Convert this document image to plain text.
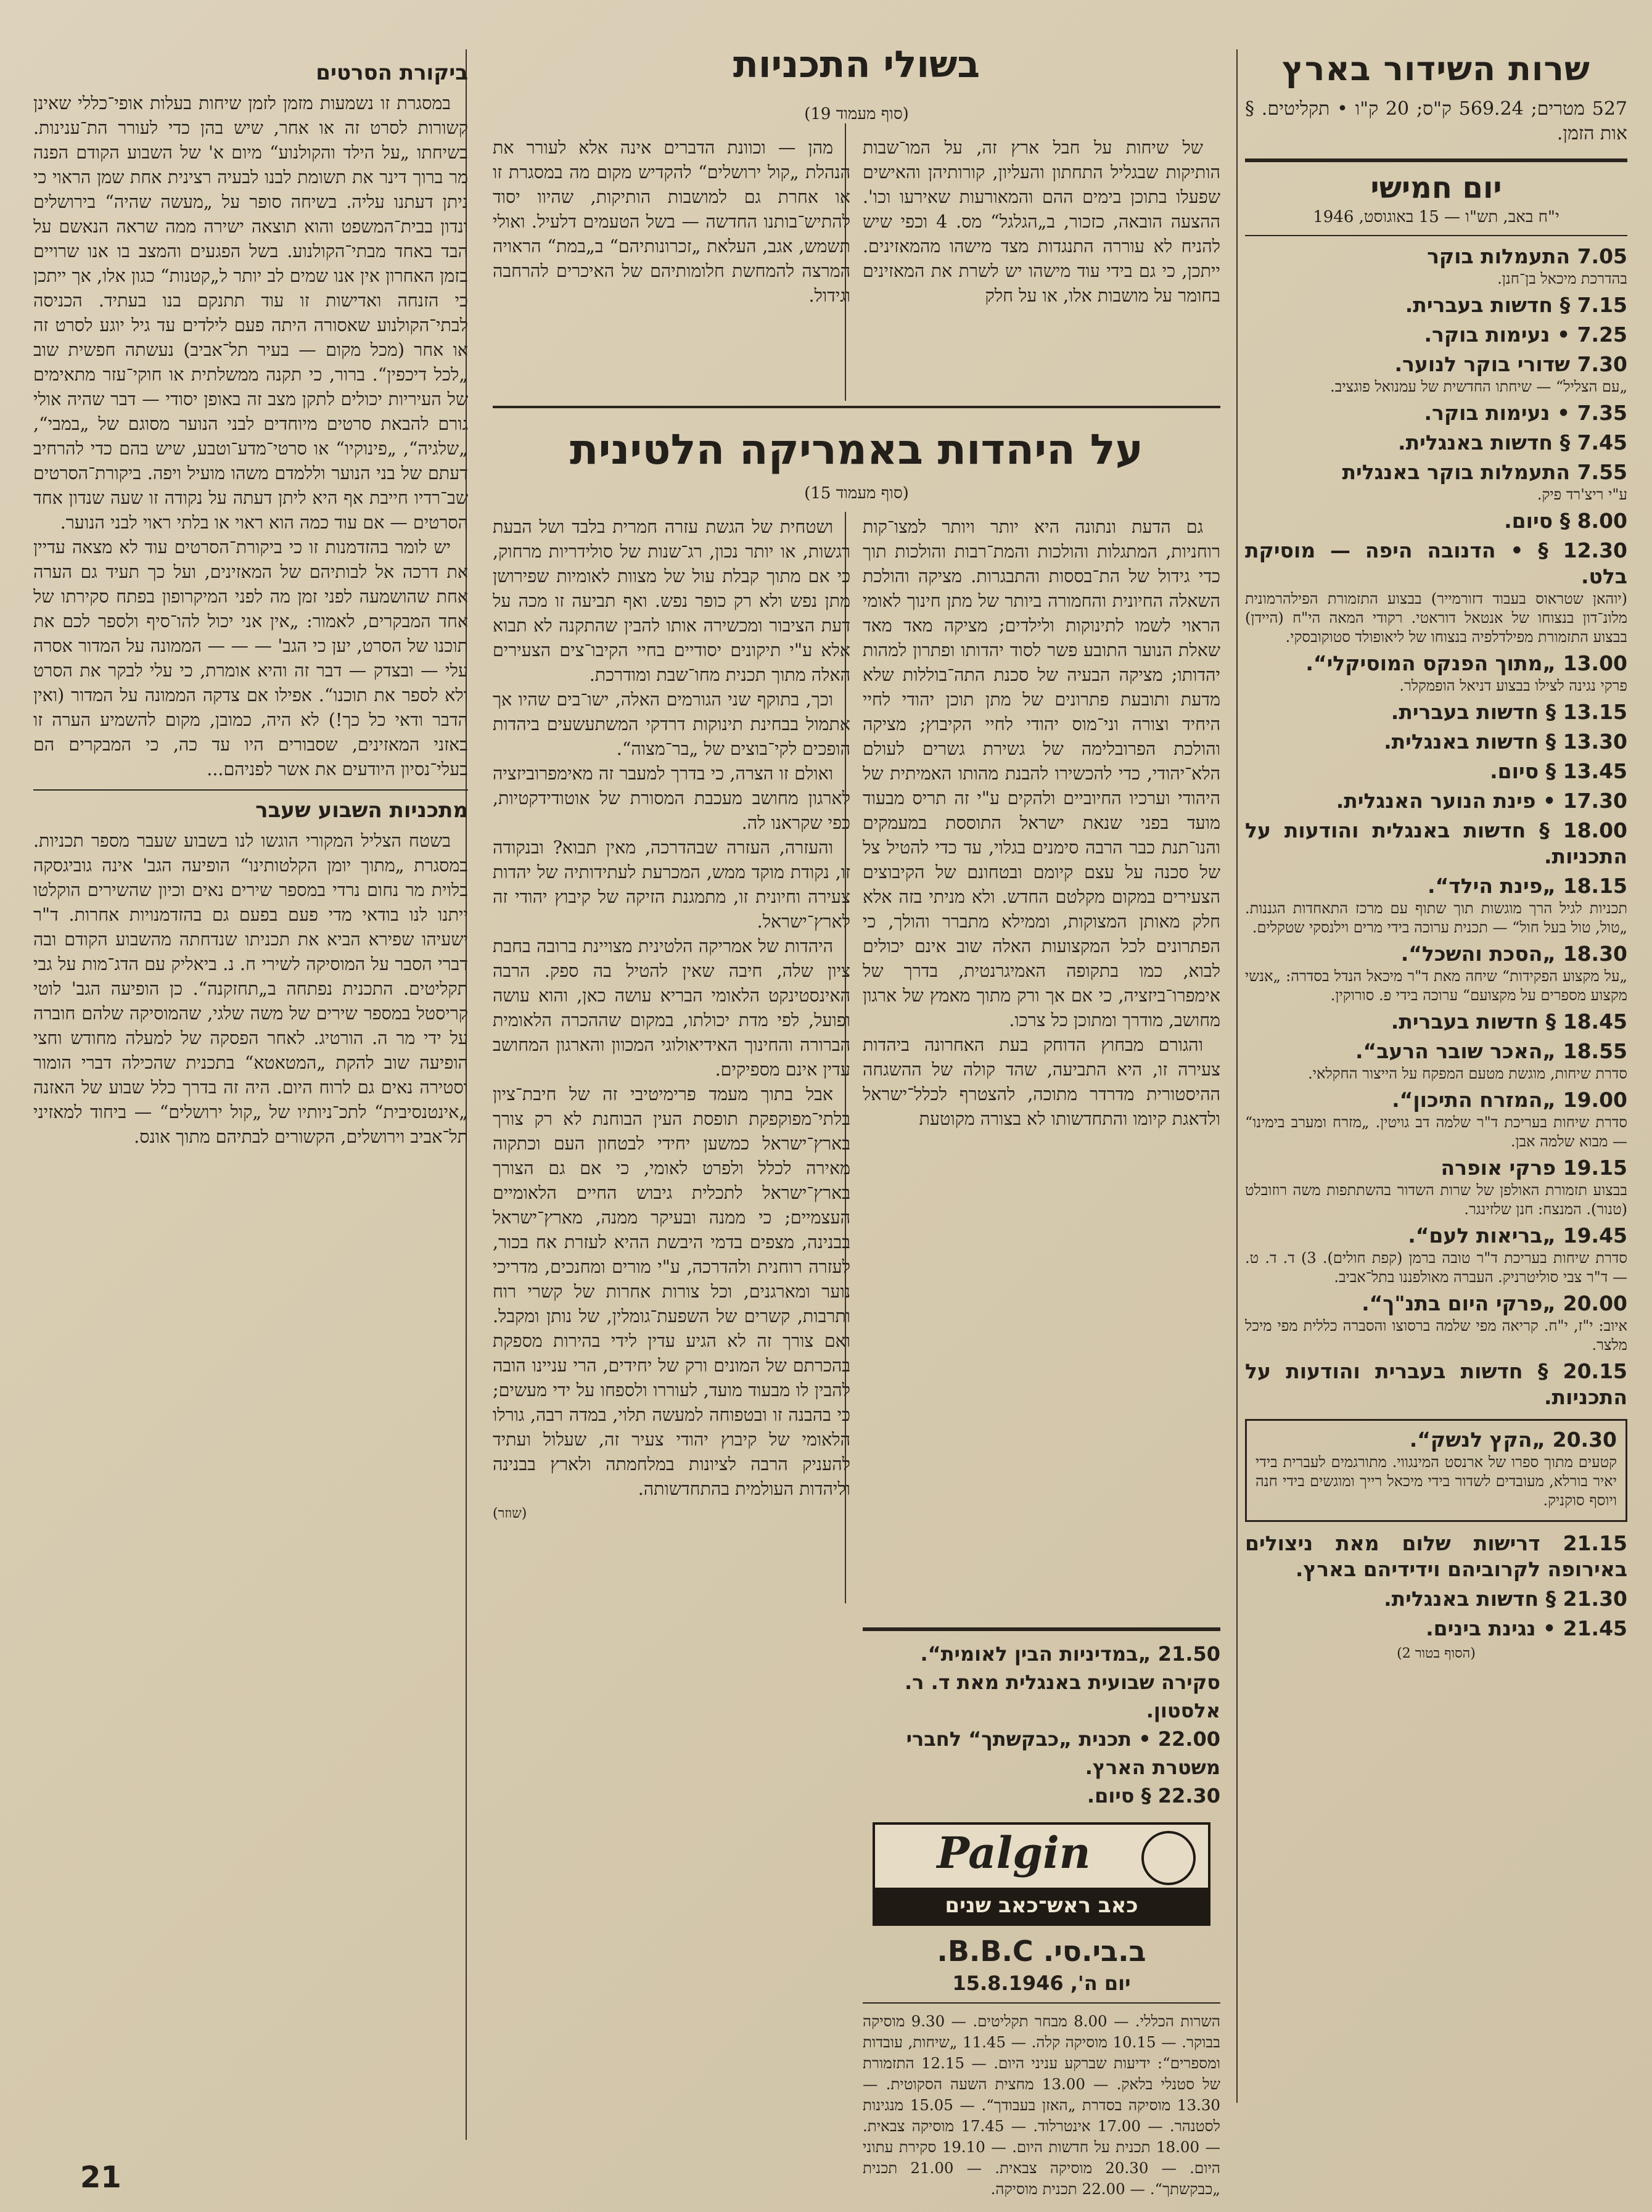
שרות השידור בארץ
527 מטרים; 569.24 ק"ס; 20 ק"ו • תקליטים. § אות הזמן.
יום חמישי
י"ח באב, תש"ו — 15 באוגוסט, 1946
7.05 התעמלות בוקר
בהדרכת מיכאל בן־חנן.
7.15 § חדשות בעברית.
7.25 • נעימות בוקר.
7.30 שדורי בוקר לנוער.
„עם הצליל“ — שיחתו החדשית של עמנואל פוגציב.
7.35 • נעימות בוקר.
7.45 § חדשות באנגלית.
7.55 התעמלות בוקר באנגלית
ע"י ריצ'רד פיק.
8.00 § סיום.
12.30 § • הדנובה היפה — מוסיקת בלט.
(יוהאן שטראוס בעבוד דזורמייר) בבצוע התזמורת הפילהרמונית מלונ־דון בנצוחו של אנטאל דוראטי. רקודי המאה הי"ח (היידן) בבצוע התזמורת מפילדלפיה בנצוחו של ליאופולד סטוקובסקי.
13.00 „מתוך הפנקס המוסיקלי“.
פרקי נגינה לצילו בבצוע דניאל הופמקלר.
13.15 § חדשות בעברית.
13.30 § חדשות באנגלית.
13.45 § סיום.
17.30 • פינת הנוער האנגלית.
18.00 § חדשות באנגלית והודעות על התכניות.
18.15 „פינת הילד“.
תכניות לגיל הרך מוגשות תוך שתוף עם מרכז התאחדות הגננות. „טול, טול בעל חול“ — תכנית ערוכה בידי מרים וילנסקי שטקלים.
18.30 „הסכת והשכל“.
„על מקצוע הפקידות“ שיחה מאת ד"ר מיכאל הנדל בסדרה: „אנשי מקצוע מספרים על מקצועם“ ערוכה בידי פ. סורוקין.
18.45 § חדשות בעברית.
18.55 „האכר שובר הרעב“.
סדרת שיחות, מוגשת מטעם המפקח על הייצור החקלאי.
19.00 „המזרח התיכון“.
סדרת שיחות בעריכת ד"ר שלמה דב גויטין. „מזרח ומערב בימינו“ — מבוא שלמה אבן.
19.15 פרקי אופרה
בבצוע תזמורת האולפן של שרות השדור בהשתתפות משה רוזובלט (טנור). המנצח: חנן שלזינגר.
19.45 „בריאות לעם“.
סדרת שיחות בעריכת ד"ר טובה ברמן (קפת חולים). 3) ד. ד. ט. — ד"ר צבי סוליטרניק. העברה מאולפננו בתל־אביב.
20.00 „פרקי היום בתנ"ך“.
איוב: י"ז, י"ח. קריאה מפי שלמה ברסוצו והסברה כללית מפי מיכל מלצר.
20.15 § חדשות בעברית והודעות על התכניות.
20.30 „הקץ לנשק“.
קטעים מתוך ספרו של ארנסט המינגווי. מתורגמים לעברית בידי יאיר בורלא, מעובדים לשדור בידי מיכאל רייך ומוגשים בידי חנה ויוסף סוקניק.
21.15 דרישות שלום מאת ניצולים באירופה לקרוביהם וידידיהם בארץ.
21.30 § חדשות באנגלית.
21.45 • נגינת בינים.
(הסוף בטור 2)
בשולי התכניות
(סוף מעמוד 19)

של שיחות על חבל ארץ זה, על המו־שבות הותיקות שבגליל התחתון והעליון, קורותיהן והאישים שפעלו בתוכן בימים ההם והמאורעות שאירעו וכו'. ההצעה הובאה, כזכור, ב„הגלגל“ מס. 4 וכפי שיש להניח לא עוררה התנגדות מצד מישהו מהמאזינים. ייתכן, כי גם בידי עוד מישהו יש לשרת את המאזינים בחומר על מושבות אלו, או על חלק

מהן — וכוונת הדברים אינה אלא לעורר את הנהלת „קול ירושלים“ להקדיש מקום מה במסגרת זו או אחרת גם למושבות הותיקות, שהיוו יסוד להתיש־בותנו החדשה — בשל הטעמים דלעיל. ואולי תשמש, אגב, העלאת „זכרונותיהם“ ב„במת“ הראויה המרצה להמחשת חלומותיהם של האיכרים להרחבה וגידול.

על היהדות באמריקה הלטינית
(סוף מעמוד 15)

גם הדעת ונתונה היא יותר ויותר למצו־קות רוחניות, המתגלות והולכות והמת־רבות והולכות תוך כדי גידול של הת־בססות והתבגרות. מציקה והולכת השאלה החיונית והחמורה ביותר של מתן חינוך לאומי הראוי לשמו לתינוקות ולילדים; מציקה מאד מאד שאלת הנוער התובע פשר לסוד יהדותו ופתרון למהות יהדותו; מציקה הבעיה של סכנת התה־בוללות שלא מדעת ותובעת פתרונים של מתן תוכן יהודי לחיי היחיד וצורה וני־מוס יהודי לחיי הקיבוץ; מציקה והולכת הפרובלימה של גשירת גשרים לעולם הלא־יהודי, כדי להכשירו להבנת מהותו האמיתית של היהודי וערכיו החיוביים ולהקים ע"י זה תריס מבעוד מועד בפני שנאת ישראל התוססת במעמקים והנו־תנת כבר הרבה סימנים בגלוי, עד כדי להטיל צל של סכנה על עצם קיומם ובטחונם של הקיבוצים הצעירים במקום מקלטם החדש. ולא מניתי בזה אלא חלק מאותן המצוקות, וממילא מתברר והולך, כי הפתרונים לכל המקצועות האלה שוב אינם יכולים לבוא, כמו בתקופה האמיגרנטית, בדרך של אימפרו־ביזציה, כי אם אך ורק מתוך מאמץ של ארגון מחושב, מודרך ומתוכן כל צרכו.

והגורם מבחוץ הדוחק בעת האחרונה ביהדות צעירה זו, היא התביעה, שהד קולה של ההשגחה ההיסטורית מדרדר מתוכה, להצטרף לכלל־ישראל ולדאגת קיומו והתחדשותו לא בצורה מקוטעת

ושטחית של הגשת עזרה חמרית בלבד ושל הבעת רגשות, או יותר נכון, רג־שנות של סולידריות מרחוק, כי אם מתוך קבלת עול של מצוות לאומיות שפירושן מתן נפש ולא רק כופר נפש. ואף תביעה זו מכה על דעת הציבור ומכשירה אותו להבין שהתקנה לא תבוא אלא ע"י תיקונים יסודיים בחיי הקיבו־צים הצעירים האלה מתוך תכנית מחו־שבת ומודרכת.

וכך, בתוקף שני הגורמים האלה, ישו־בים שהיו אך אתמול בבחינת תינוקות דרדקי המשתעשעים ביהדות הופכים לקי־בוצים של „בר־מצוה“.

ואולם זו הצרה, כי בדרך למעבר זה מאימפרוביזציה לארגון מחושב מעכבת המסורת של אוטודידקטיות, כפי שקראנו לה.

והעזרה, העזרה שבהדרכה, מאין תבוא? ובנקודה זו, נקודת מוקד ממש, המכרעת לעתידותיה של יהדות צעירה וחיונית זו, מתמגנת הזיקה של קיבוץ יהודי זה לארץ־ישראל.

היהדות של אמריקה הלטינית מצויינת ברובה בחבת ציון שלה, חיבה שאין להטיל בה ספק. הרבה האינסטינקט הלאומי הבריא עושה כאן, והוא עושה ופועל, לפי מדת יכולתו, במקום שההכרה הלאומית הברורה והחינוך האידיאולוגי המכוון והארגון המחושב עדין אינם מספיקים.

אבל בתוך מעמד פרימיטיבי זה של חיבת־ציון בלתי־מפוקפקת תופסת העין הבוחנת לא רק צורך בארץ־ישראל כמשען יחידי לבטחון העם וכתקוה מאירה לכלל ולפרט לאומי, כי אם גם הצורך בארץ־ישראל לתכלית גיבוש החיים הלאומיים העצמיים; כי ממנה ובעיקר ממנה, מארץ־ישראל בבנינה, מצפים בדמי היבשת ההיא לעזרת אח בכור, לעזרה רוחנית ולהדרכה, ע"י מורים ומחנכים, מדריכי נוער ומארגנים, וכל צורות אחרות של קשרי רוח ותרבות, קשרים של השפעת־גומלין, של נותן ומקבל. ואם צורך זה לא הגיע עדין לידי בהירות מספקת בהכרתם של המונים ורק של יחידים, הרי עניינו הובה להבין לו מבעוד מועד, לעוררו ולספחו על ידי מעשים; כי בהבנה זו ובטפוחה למעשה תלוי, במדה רבה, גורלו הלאומי של קיבוץ יהודי צעיר זה, שעלול ועתיד להעניק הרבה לציונות במלחמתה ולארץ בבנינה וליהדות העולמית בהתחדשותה.

(שוזר)
21.50 „במדיניות הבין לאומית“. סקירה שבועית באנגלית מאת ד. ר. אלסטון.
22.00 • תכנית „כבקשתך“ לחברי משטרת הארץ.
22.30 § סיום.
Palgin
כאב ראש־כאב שנים
ב.בי.סי. B.B.C.
יום ה', 15.8.1946
השרות הכללי. — 8.00 מבחר תקליטים. — 9.30 מוסיקה בבוקר. — 10.15 מוסיקה קלה. — 11.45 „שיחות, עובדות ומספרים“: ידיעות שברקע עניני היום. — 12.15 התזמורת של סטנלי בלאק. — 13.00 מחצית השעה הסקוטית. — 13.30 מוסיקה בסדרת „האזן בעבודך“. — 15.05 מנגינות לסטנהר. — 17.00 אינטרלוד. — 17.45 מוסיקה צבאית. — 18.00 תכנית על חדשות היום. — 19.10 סקירת עתוני היום. — 20.30 מוסיקה צבאית. — 21.00 תכנית „כבקשתך“. — 22.00 תכנית מוסיקה.
ביקורת הסרטים

במסגרת זו נשמעות מזמן לזמן שיחות בעלות אופי־כללי שאינן קשורות לסרט זה או אחר, שיש בהן כדי לעורר הת־ענינות. בשיחתו „על הילד והקולנוע“ מיום א' של השבוע הקודם הפנה מר ברוך דינר את תשומת לבנו לבעיה רצינית אחת שמן הראוי כי ניתן דעתנו עליה. בשיחה סופר על „מעשה שהיה“ בירושלים ונדון בבית־המשפט והוא תוצאה ישירה ממה שראה הנאשם על הבד באחד מבתי־הקולנוע. בשל הפגעים והמצב בו אנו שרויים בזמן האחרון אין אנו שמים לב יותר ל„קטנות“ כגון אלו, אך ייתכן כי הזנחה ואדישות זו עוד תתנקם בנו בעתיד. הכניסה לבתי־הקולנוע שאסורה היתה פעם לילדים עד גיל יוגע לסרט זה או אחר (מכל מקום — בעיר תל־אביב) נעשתה חפשית שוב „לכל דיכפין“. ברור, כי תקנה ממשלתית או חוקי־עזר מתאימים של העיריות יכולים לתקן מצב זה באופן יסודי — דבר שהיה אולי גורם להבאת סרטים מיוחדים לבני הנוער מסוגם של „במבי“, „שלגיה“, „פינוקיו“ או סרטי־מדע־וטבע, שיש בהם כדי להרחיב דעתם של בני הנוער וללמדם משהו מועיל ויפה. ביקורת־הסרטים שב־רדיו חייבת אף היא ליתן דעתה על נקודה זו שעה שנדון אחד הסרטים — אם עוד כמה הוא ראוי או בלתי ראוי לבני הנוער.

יש לומר בהזדמנות זו כי ביקורת־הסרטים עוד לא מצאה עדיין את דרכה אל לבותיהם של המאזינים, ועל כך תעיד גם הערה אחת שהושמעה לפני זמן מה לפני המיקרופון בפתח סקירתו של אחד המבקרים, לאמור: „אין אני יכול להו־סיף ולספר לכם את תוכנו של הסרט, יען כי הגב' — — — הממונה על המדור אסרה עלי — ובצדק — דבר זה והיא אומרת, כי עלי לבקר את הסרט ולא לספר את תוכנו“. אפילו אם צדקה הממונה על המדור (ואין הדבר ודאי כל כך!) לא היה, כמובן, מקום להשמיע הערה זו באזני המאזינים, שסבורים היו עד כה, כי המבקרים הם בעלי־נסיון היודעים את אשר לפניהם...

מתכניות השבוע שעבר

בשטח הצליל המקורי הוגשו לנו בשבוע שעבר מספר תכניות. במסגרת „מתוך יומן הקלטותינו“ הופיעה הגב' אינה גוביגסקה בלוית מר נחום נרדי במספר שירים נאים וכיון שהשירים הוקלטו ייתנו לנו בודאי מדי פעם בפעם גם בהזדמנויות אחרות. ד"ר ישעיהו שפירא הביא את תכניתו שנדחתה מהשבוע הקודם ובה דברי הסבר על המוסיקה לשירי ח. נ. ביאליק עם הדג־מות על גבי תקליטים. התכנית נפתחה ב„תחזקנה“. כן הופיעה הגב' לוטי קריסטל במספר שירים של משה שלגי, שהמוסיקה שלהם חוברה על ידי מר ה. הורטיג. לאחר הפסקה של למעלה מחודש וחצי הופיעה שוב להקת „המטאטא“ בתכנית שהכילה דברי הומור וסטירה נאים גם לרוח היום. היה זה בדרך כלל שבוע של האזנה „אינטנסיבית“ לתכ־ניותיו של „קול ירושלים“ — ביחוד למאזיני תל־אביב וירושלים, הקשורים לבתיהם מתוך אונס.

21
